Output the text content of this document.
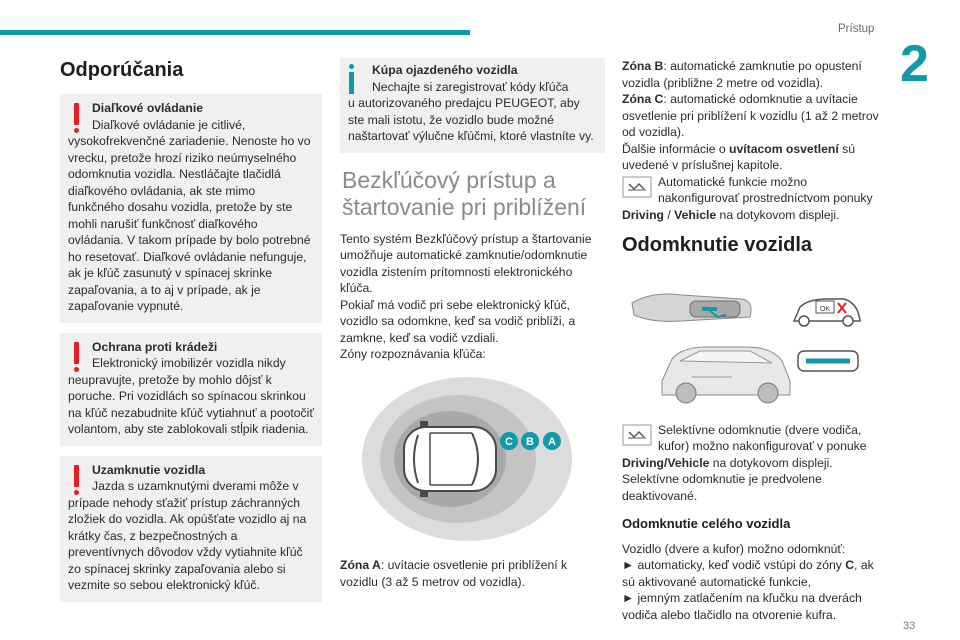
Prístup
2
33
Odporúčania
Diaľkové ovládanie
Diaľkové ovládanie je citlivé,
vysokofrekvenčné zariadenie. Nenoste ho vo vrecku, pretože hrozí riziko neúmyselného odomknutia vozidla. Nestláčajte tlačidlá diaľkového ovládania, ak ste mimo funkčného dosahu vozidla, pretože by ste mohli narušiť funkčnosť diaľkového ovládania. V takom prípade by bolo potrebné ho resetovať. Diaľkové ovládanie nefunguje, ak je kľúč zasunutý v spínacej skrinke zapaľovania, a to aj v prípade, ak je zapaľovanie vypnuté.
Ochrana proti krádeži
Elektronický imobilizér vozidla nikdy
neupravujte, pretože by mohlo dôjsť k poruche. Pri vozidlách so spínacou skrinkou na kľúč nezabudnite kľúč vytiahnuť a pootočiť volantom, aby ste zablokovali stĺpik riadenia.
Uzamknutie vozidla
Jazda s uzamknutými dverami môže v
prípade nehody sťažiť prístup záchranných zložiek do vozidla. Ak opúšťate vozidlo aj na krátky čas, z bezpečnostných a preventívnych dôvodov vždy vytiahnite kľúč zo spínacej skrinky zapaľovania alebo si vezmite so sebou elektronický kľúč.
Kúpa ojazdeného vozidla
Nechajte si zaregistrovať kódy kľúča
u autorizovaného predajcu PEUGEOT, aby ste mali istotu, že vozidlo bude možné naštartovať výlučne kľúčmi, ktoré vlastníte vy.
Bezkľúčový prístup a štartovanie pri priblížení

Tento systém Bezkľúčový prístup a štartovanie umožňuje automatické zamknutie/odomknutie vozidla zistením prítomnosti elektronického kľúča.

Pokiaľ má vodič pri sebe elektronický kľúč, vozidlo sa odomkne, keď sa vodič priblíži, a zamkne, keď sa vodič vzdiali.

Zóny rozpoznávania kľúča:

C B A

Zóna A: uvítacie osvetlenie pri priblížení k vozidlu (3 až 5 metrov od vozidla).

Zóna B: automatické zamknutie po opustení vozidla (približne 2 metre od vozidla).

Zóna C: automatické odomknutie a uvítacie osvetlenie pri priblížení k vozidlu (1 až 2 metrov od vozidla).

Ďalšie informácie o uvítacom osvetlení sú uvedené v príslušnej kapitole.

Automatické funkcie možno nakonfigurovať prostredníctvom ponuky

Driving / Vehicle na dotykovom displeji.

Odomknutie vozidla
OK
Selektívne odomknutie (dvere vodiča, kufor) možno nakonfigurovať v ponuke

Driving/Vehicle na dotykovom displeji.

Selektívne odomknutie je predvolene deaktivované.

Odomknutie celého vozidla

Vozidlo (dvere a kufor) možno odomknúť:

► automaticky, keď vodič vstúpi do zóny C, ak sú aktivované automatické funkcie,

► jemným zatlačením na kľučku na dverách vodiča alebo tlačidlo na otvorenie kufra.
